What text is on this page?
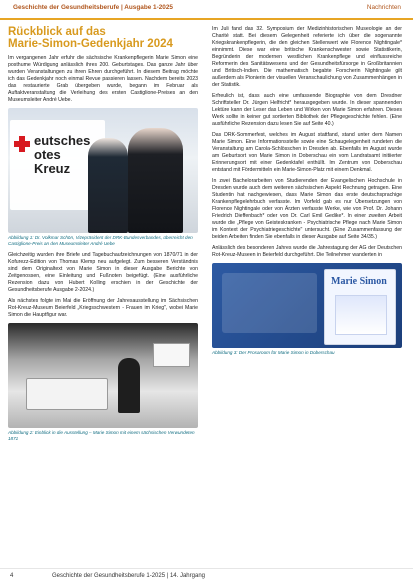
Geschichte der Gesundheitsberufe | Ausgabe 1-2025	Nachrichten
Rückblick auf das
Marie-Simon-Gedenkjahr 2024

Im vergangenen Jahr erfuhr die sächsische Krankenpflegerin Marie Simon eine posthume Würdigung anlässlich ihres 200. Geburtstages. Das ganze Jahr über wurden Veranstaltungen zu ihren Ehren durchgeführt. In diesem Beitrag möchte ich das Gedenkjahr noch einmal Revue passieren lassen. Nachdem bereits 2023 das restaurierte Grab übergeben wurde, begann im Februar als Auftaktveranstaltung die Verleihung des ersten Castiglione-Preises an den Museumsleiter André Uebe.

eutsches
otes
Kreuz
Abbildung 1: Dr. Volkmar Schön, Vizepräsident der DRK-Bundesverbandes, überreicht den Castiglione-Preis an den Museumsleiter André Uebe

Gleichzeitig wurden ihre Briefe und Tagebuchaufzeichnungen von 1870/71 in der Kofurezz-Edition von Thomas Klemp neu aufgelegt. Zum besseren Verständnis sind dem Originaltext von Marie Simon in dieser Ausgabe Berichte von Zeitgenossen, eine Einleitung und Fußnoten beigefügt. (Eine ausführliche Rezension dazu von Hubert Kolling erschien in der Geschichte der Gesundheitsberufe Ausgabe 2-2024.)

Als nächstes folgte im Mai die Eröffnung der Jahresausstellung im Sächsischen Rot-Kreuz-Museum Beierfeld „Kriegsschwestern - Frauen im Krieg", wobei Marie Simon die Hauptfigur war.

Abbildung 2: Einblick in die Ausstellung – Marie Simon mit einem sächsischen Verwundeten 1871

Im Juli fand das 32. Symposium der Medizinhistorischen Museologie an der Charité statt. Bei diesem Gelegenheit referierte ich über die sogenannte Kriegskrankenpflegerin, die den gleichen Stellenwert wie Florence Nightingale* einnimmt. Diese war eine britische Krankenschwester sowie Statistikerin, Begründerin der modernen westlichen Krankenpflege und einflussreiche Reformerin des Sanitätswesens und der Gesundheitsfürsorge in Großbritannien und Britisch-Indien. Die mathematisch begabte Forscherin Nightingale gilt außerdem als Pionierin der visuellen Veranschaulichung von Zusammenhängen in der Statistik.

Erfreulich ist, dass auch eine umfassende Biographie von dem Dresdner Schriftsteller Dr. Jürgen Helfricht* herausgegeben wurde. In dieser spannenden Lektüre kann der Leser das Leben und Wirken von Marie Simon erfahren. Dieses Werk sollte in keiner gut sortierten Bibliothek der Pflegegeschichte fehlen. (Eine ausführliche Rezension dazu lesen Sie auf Seite 40.)

Das DRK-Sommerfest, welches im August stattfand, stand unter dem Namen Marie Simon. Eine Informationsstelle sowie eine Schaugelegenheit rundeten die Veranstaltung am Carola-Schlösschen in Dresden ab. Ebenfalls im August wurde am Geburtsort von Marie Simon in Doberschau ein vom Landratsamt initiierter Erinnerungsort mit einer Gedenktafel enthüllt. Im Zentrum von Doberschau entstand mit Fördermitteln ein Marie-Simon-Platz mit einem Denkmal.

In zwei Bachelorarbeiten von Studierenden der Evangelischen Hochschule in Dresden wurde auch dem weiteren sächsischen Aspekt Rechnung getragen. Eine Studentin hat nachgewiesen, dass Marie Simon das erste deutschsprachige Krankenpflegelehrbuch verfasste. Im Vorfeld gab es nur Übersetzungen von Florence Nightingale oder von Ärzten verfasste Werke, wie von Prof. Dr. Johann Friedrich Dieffenbach* oder von Dr. Carl Emil Gedike*. In einer zweiten Arbeit wurde die „Pflege von Geisteskranken - Psychiatrische Pflege nach Marie Simon im Kontext der Psychiatriegeschichte" untersucht. (Eine Zusammenfassung der beiden Arbeiten finden Sie ebenfalls in dieser Ausgabe auf Seite 34/35.)

Anlässlich des besonderen Jahres wurde die Jahrestagung der AG der Deutschen Rot-Kreuz-Museen in Beierfeld durchgeführt. Die Teilnehmer wanderten in

Marie Simon
Abbildung 3: Der Prosaroom für Marie Simon in Doberschau
4	Geschichte der Gesundheitsberufe 1-2025 | 14. Jahrgang
